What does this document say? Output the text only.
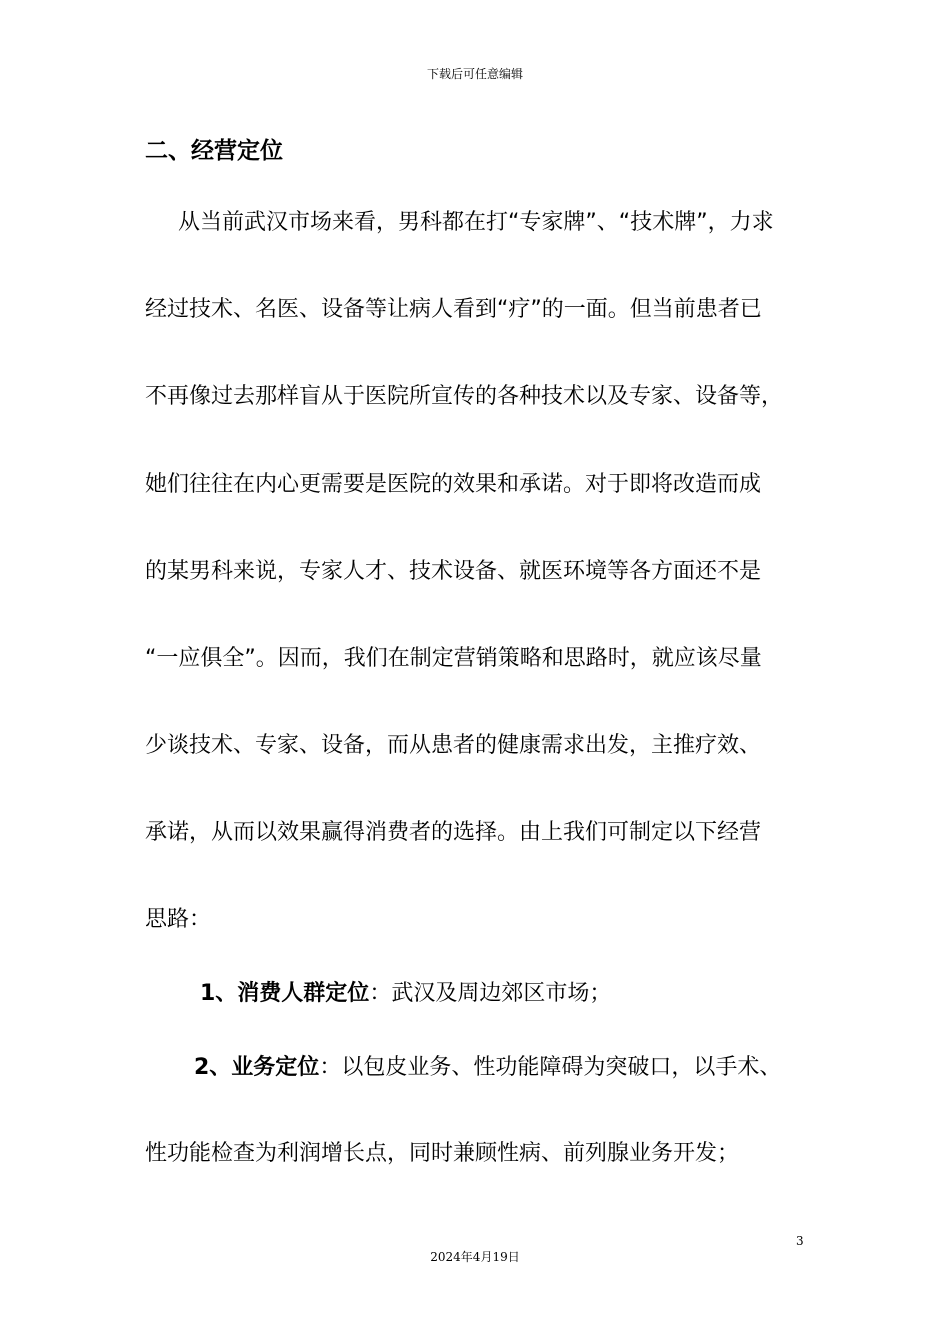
下载后可任意编辑
二、经营定位
从当前武汉市场来看，男科都在打“专家牌”、“技术牌”，力求
经过技术、名医、设备等让病人看到“疗”的一面。但当前患者已
不再像过去那样盲从于医院所宣传的各种技术以及专家、设备等，
她们往往在内心更需要是医院的效果和承诺。对于即将改造而成
的某男科来说，专家人才、技术设备、就医环境等各方面还不是
“一应俱全”。因而，我们在制定营销策略和思路时，就应该尽量
少谈技术、专家、设备，而从患者的健康需求出发，主推疗效、
承诺，从而以效果赢得消费者的选择。由上我们可制定以下经营
思路：
1、消费人群定位：武汉及周边郊区市场；
2、业务定位：以包皮业务、性功能障碍为突破口，以手术、
性功能检查为利润增长点，同时兼顾性病、前列腺业务开发；
3
2024年4月19日
